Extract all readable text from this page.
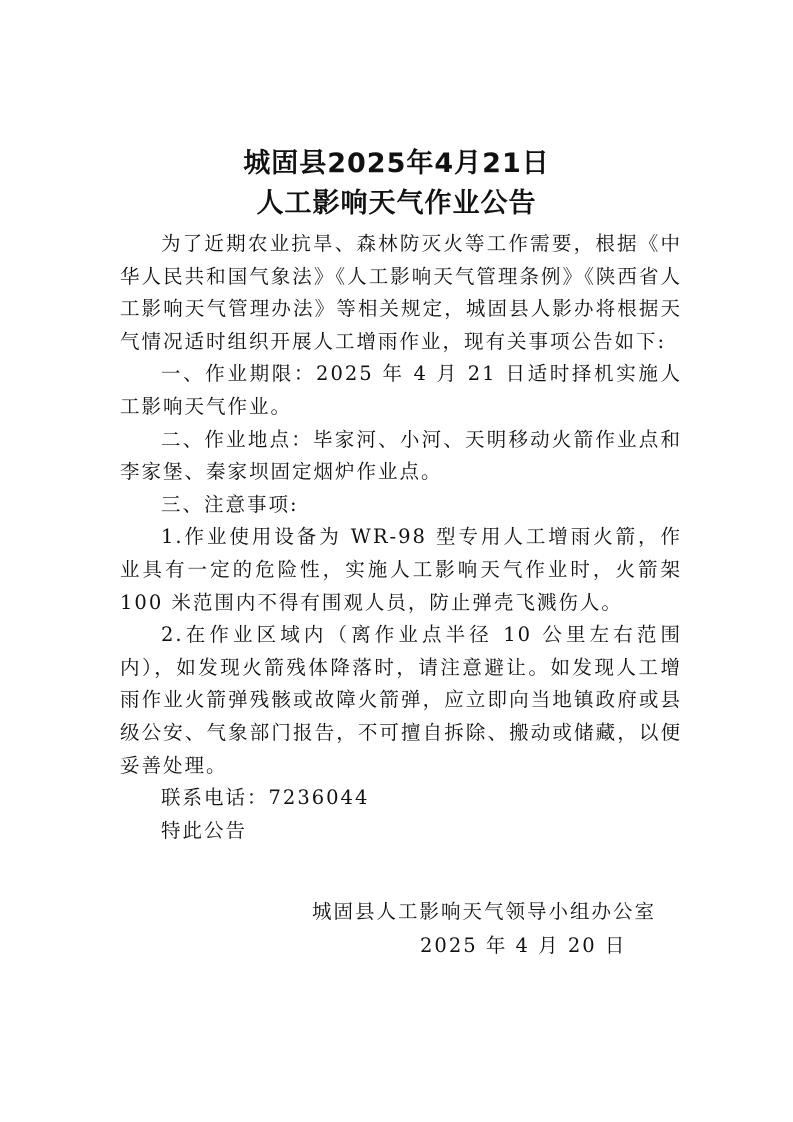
城固县2025年4月21日
人工影响天气作业公告

为了近期农业抗旱、森林防灭火等工作需要，根据《中华人民共和国气象法》《人工影响天气管理条例》《陕西省人工影响天气管理办法》等相关规定，城固县人影办将根据天气情况适时组织开展人工增雨作业，现有关事项公告如下:

一、作业期限：2025 年 4 月 21 日适时择机实施人工影响天气作业。

二、作业地点：毕家河、小河、天明移动火箭作业点和李家堡、秦家坝固定烟炉作业点。

三、注意事项:

1.作业使用设备为 WR-98 型专用人工增雨火箭，作业具有一定的危险性，实施人工影响天气作业时，火箭架 100 米范围内不得有围观人员，防止弹壳飞溅伤人。

2.在作业区域内（离作业点半径 10 公里左右范围内），如发现火箭残体降落时，请注意避让。如发现人工增雨作业火箭弹残骸或故障火箭弹，应立即向当地镇政府或县级公安、气象部门报告，不可擅自拆除、搬动或储藏，以便妥善处理。

联系电话：7236044

特此公告

城固县人工影响天气领导小组办公室
2025 年 4 月 20 日
